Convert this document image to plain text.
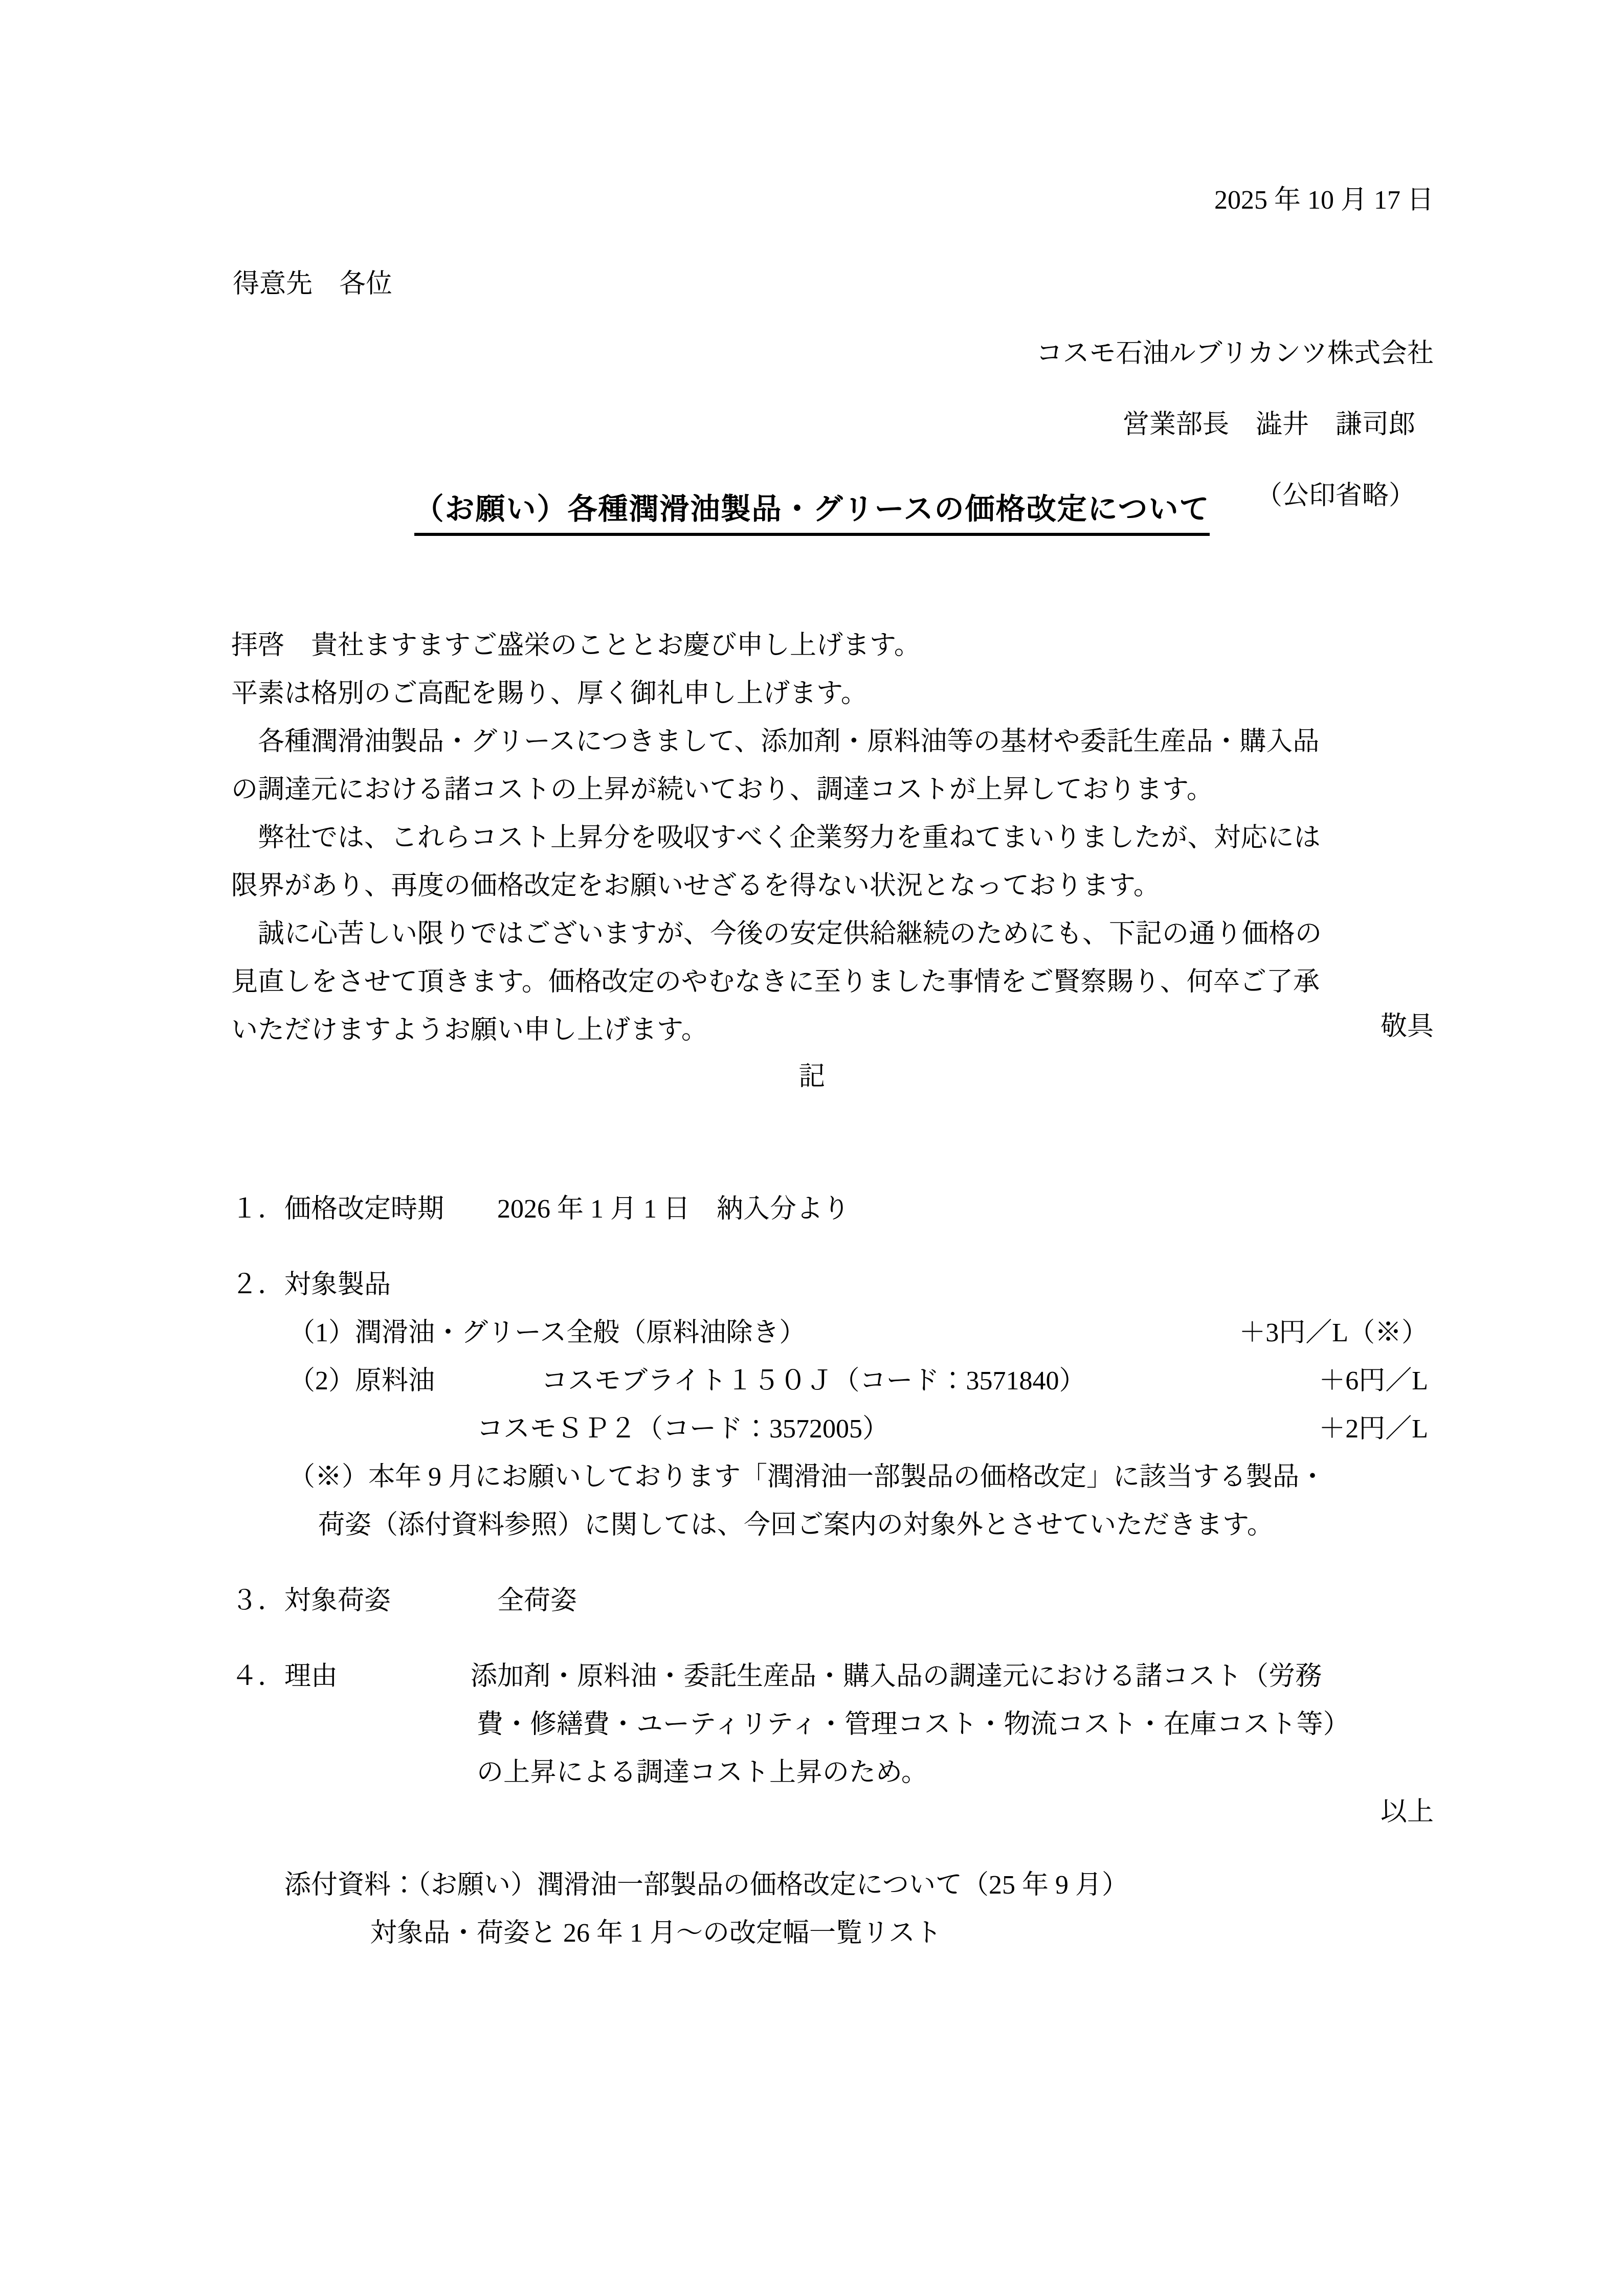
2025 年 10 月 17 日
得意先　各位

コスモ石油ルブリカンツ株式会社

営業部長　澁井　謙司郎

（公印省略）

（お願い）各種潤滑油製品・グリースの価格改定について
拝啓　貴社ますますご盛栄のこととお慶び申し上げます。
平素は格別のご高配を賜り、厚く御礼申し上げます。
　各種潤滑油製品・グリースにつきまして、添加剤・原料油等の基材や委託生産品・購入品
の調達元における諸コストの上昇が続いており、調達コストが上昇しております。
　弊社では、これらコスト上昇分を吸収すべく企業努力を重ねてまいりましたが、対応には
限界があり、再度の価格改定をお願いせざるを得ない状況となっております。
　誠に心苦しい限りではございますが、今後の安定供給継続のためにも、下記の通り価格の
見直しをさせて頂きます。価格改定のやむなきに至りました事情をご賢察賜り、何卒ご了承
いただけますようお願い申し上げます。	敬具
記
１．価格改定時期　　 2026 年 1 月 1 日　納入分より
２．対象製品
（1）潤滑油・グリース全般（原料油除き）	＋3円／L（※）
（2）原料油　　　　コスモブライト１５０Ｊ（コード：3571840）	＋6円／L
コスモＳＰ２（コード：3572005）	＋2円／L
（※）本年 9 月にお願いしております「潤滑油一部製品の価格改定」に該当する製品・
荷姿（添付資料参照）に関しては、今回ご案内の対象外とさせていただきます。
３．対象荷姿　　　　	全荷姿
４．理由　　　　　	添加剤・原料油・委託生産品・購入品の調達元における諸コスト（労務
費・修繕費・ユーティリティ・管理コスト・物流コスト・在庫コスト等）
の上昇による調達コスト上昇のため。
以上
添付資料：（お願い）潤滑油一部製品の価格改定について（25 年 9 月）
対象品・荷姿と 26 年 1 月～の改定幅一覧リスト
